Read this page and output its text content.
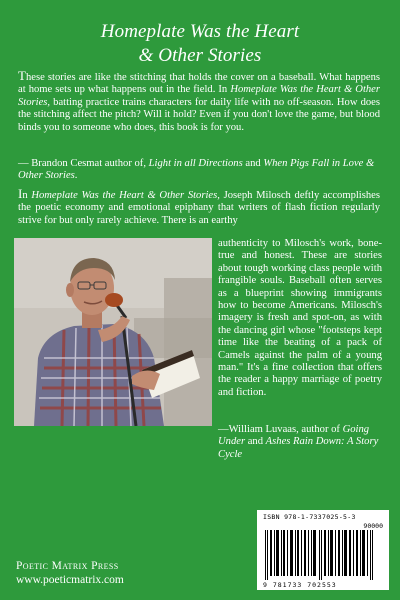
Homeplate Was the Heart
& Other Stories
These stories are like the stitching that holds the cover on a baseball. What happens at home sets up what happens out in the field. In Homeplate Was the Heart & Other Stories, batting practice trains characters for daily life with no off-season. How does the stitching affect the pitch? Will it hold? Even if you don't love the game, but blood binds you to someone who does, this book is for you.
— Brandon Cesmat author of, Light in all Directions and When Pigs Fall in Love & Other Stories.
In Homeplate Was the Heart & Other Stories, Joseph Milosch deftly accomplishes the poetic economy and emotional epiphany that writers of flash fiction regularly strive for but only rarely achieve. There is an earthy
authenticity to Milosch's work, bone-true and honest. These are stories about tough working class people with frangible souls. Baseball often serves as a blueprint showing immigrants how to become Americans. Milosch's imagery is fresh and spot-on, as with the dancing girl whose "footsteps kept time like the beating of a pack of Camels against the palm of a young man." It's a fine collection that offers the reader a happy marriage of poetry and fiction.
—William Luvaas, author of Going Under and Ashes Rain Down: A Story Cycle
ISBN 978-1-7337025-5-3
90000
9 781733 702553
Poetic Matrix Press
www.poeticmatrix.com
